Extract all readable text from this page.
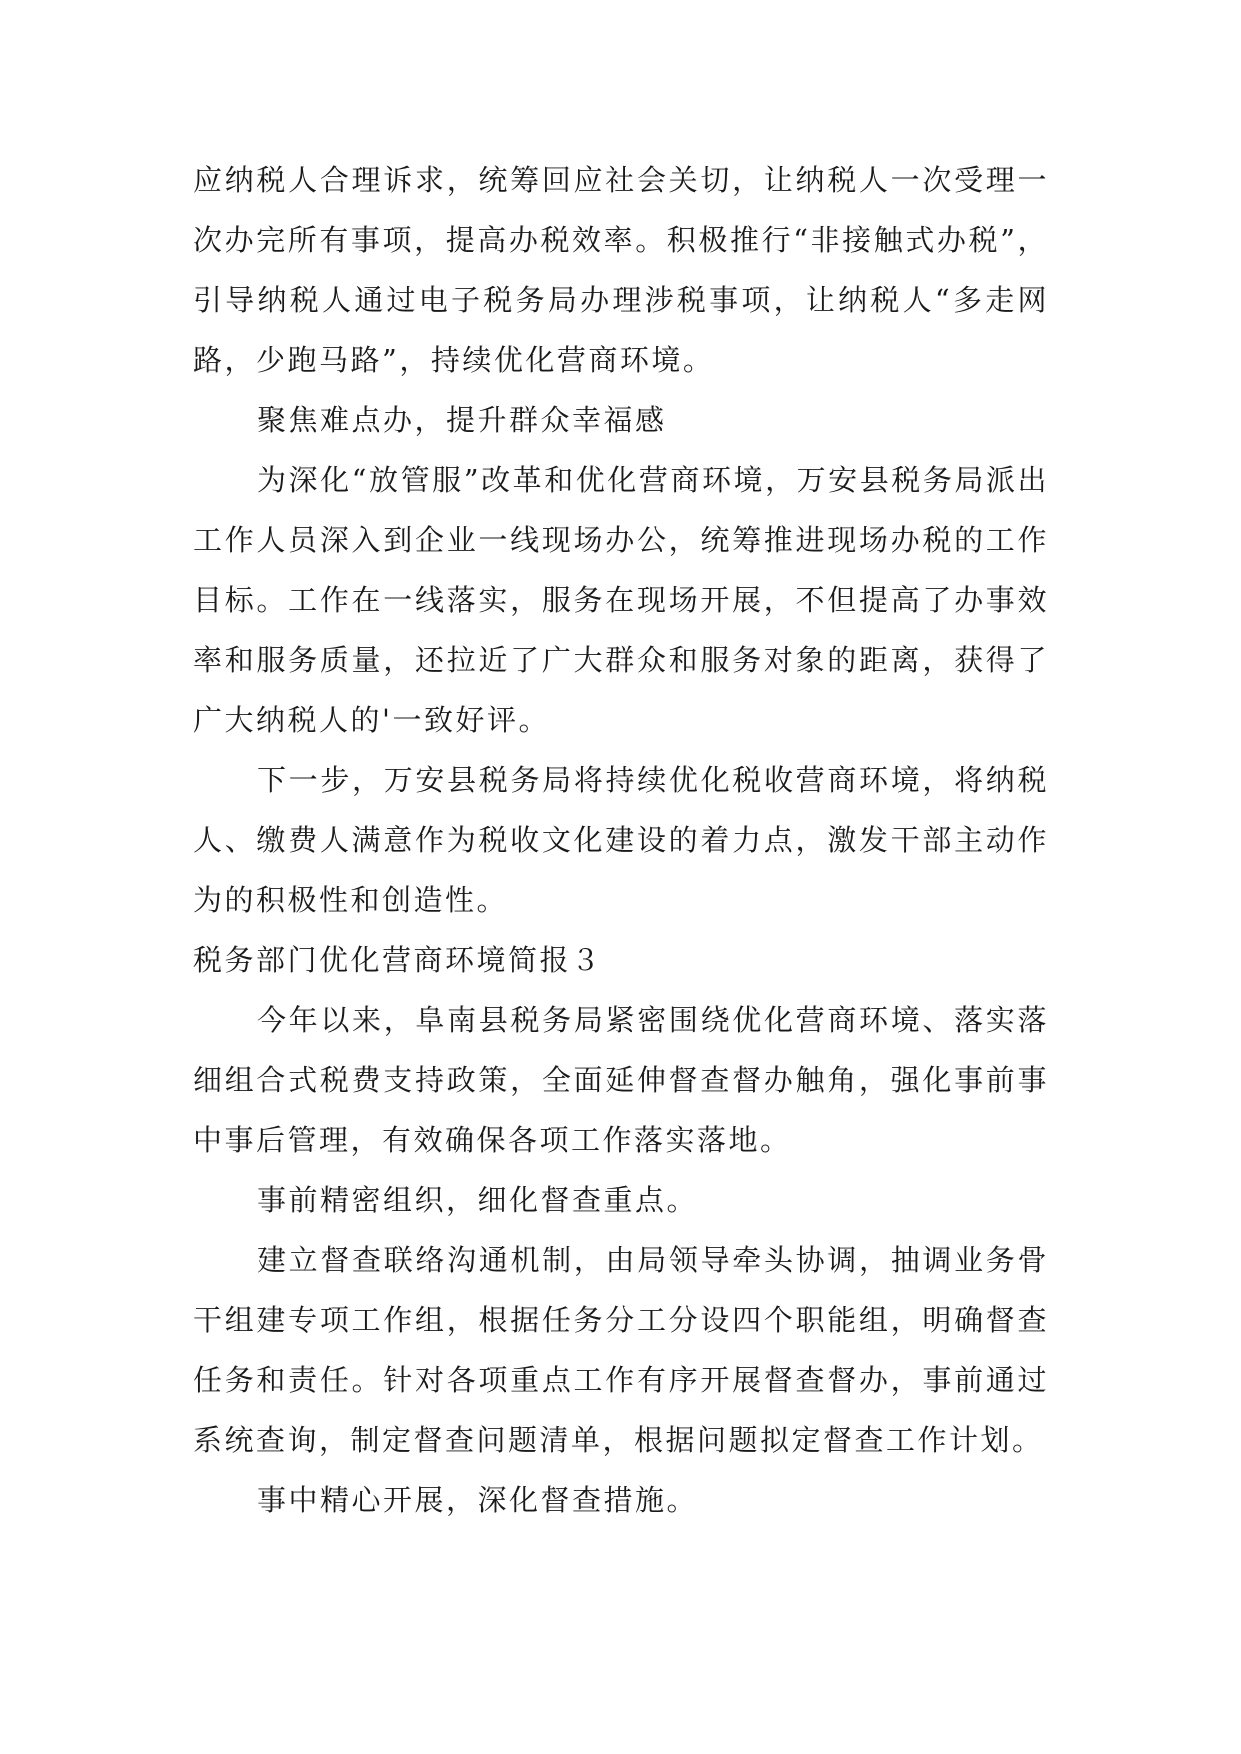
应纳税人合理诉求，统筹回应社会关切，让纳税人一次受理一次办完所有事项，提高办税效率。积极推行“非接触式办税”，引导纳税人通过电子税务局办理涉税事项，让纳税人“多走网路，少跑马路”，持续优化营商环境。

聚焦难点办，提升群众幸福感

为深化“放管服”改革和优化营商环境，万安县税务局派出工作人员深入到企业一线现场办公，统筹推进现场办税的工作目标。工作在一线落实，服务在现场开展，不但提高了办事效率和服务质量，还拉近了广大群众和服务对象的距离，获得了广大纳税人的'一致好评。

下一步，万安县税务局将持续优化税收营商环境，将纳税人、缴费人满意作为税收文化建设的着力点，激发干部主动作为的积极性和创造性。

税务部门优化营商环境简报３

今年以来，阜南县税务局紧密围绕优化营商环境、落实落细组合式税费支持政策，全面延伸督查督办触角，强化事前事中事后管理，有效确保各项工作落实落地。

事前精密组织，细化督查重点。

建立督查联络沟通机制，由局领导牵头协调，抽调业务骨干组建专项工作组，根据任务分工分设四个职能组，明确督查任务和责任。针对各项重点工作有序开展督查督办，事前通过系统查询，制定督查问题清单，根据问题拟定督查工作计划。

事中精心开展，深化督查措施。
